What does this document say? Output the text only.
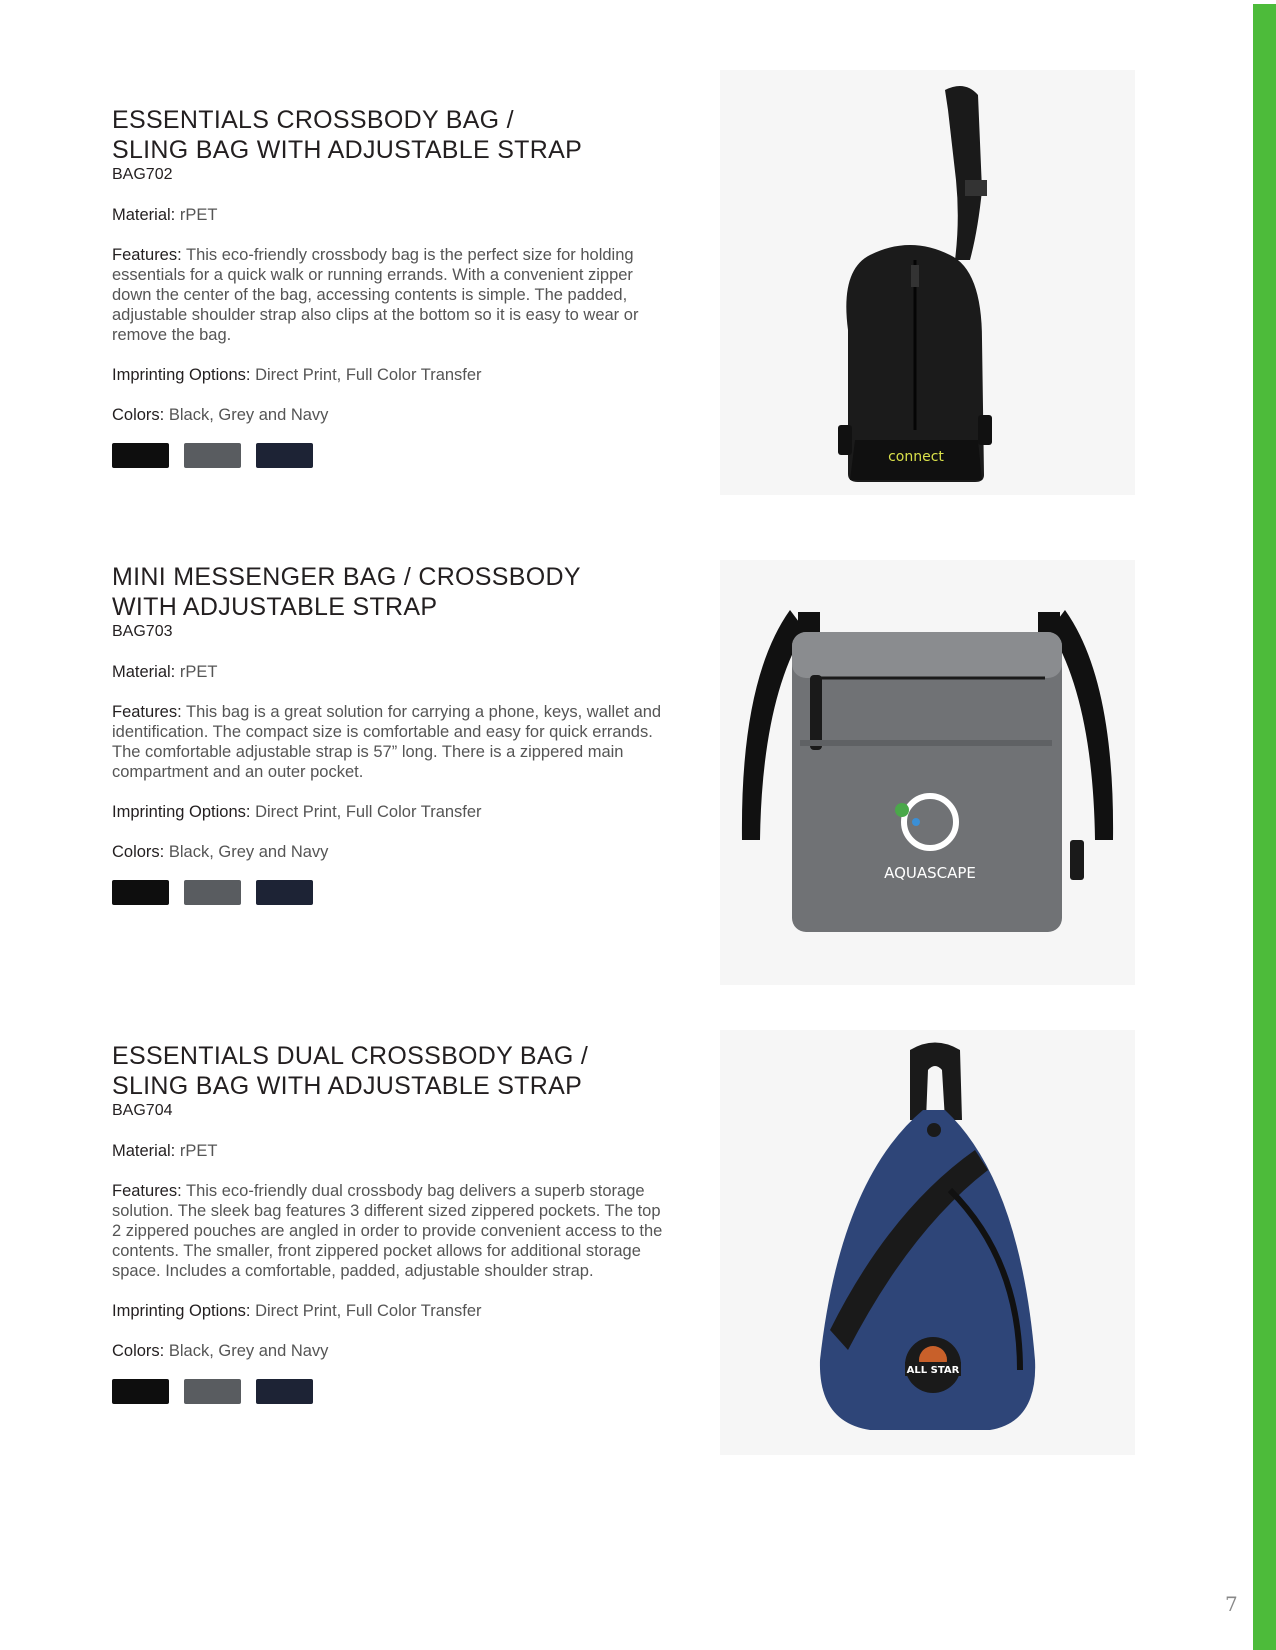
ESSENTIALS CROSSBODY BAG /
SLING BAG WITH ADJUSTABLE STRAP

BAG702

Material: rPET

Features: This eco-friendly crossbody bag is the perfect size for holding essentials for a quick walk or running errands. With a convenient zipper down the center of the bag, accessing contents is simple. The padded, adjustable shoulder strap also clips at the bottom so it is easy to wear or remove the bag.

Imprinting Options: Direct Print, Full Color Transfer

Colors: Black, Grey and Navy

connect

MINI MESSENGER BAG / CROSSBODY
WITH ADJUSTABLE STRAP

BAG703

Material: rPET

Features: This bag is a great solution for carrying a phone, keys, wallet and identification. The compact size is comfortable and easy for quick errands. The comfortable adjustable strap is 57” long. There is a zippered main compartment and an outer pocket.

Imprinting Options: Direct Print, Full Color Transfer

Colors: Black, Grey and Navy

AQUASCAPE

ESSENTIALS DUAL CROSSBODY BAG /
SLING BAG WITH ADJUSTABLE STRAP

BAG704

Material: rPET

Features: This eco-friendly dual crossbody bag delivers a superb storage solution. The sleek bag features 3 different sized zippered pockets. The top 2 zippered pouches are angled in order to provide convenient access to the contents. The smaller, front zippered pocket allows for additional storage space. Includes a comfortable, padded, adjustable shoulder strap.

Imprinting Options: Direct Print, Full Color Transfer

Colors: Black, Grey and Navy

ALL STAR
7
